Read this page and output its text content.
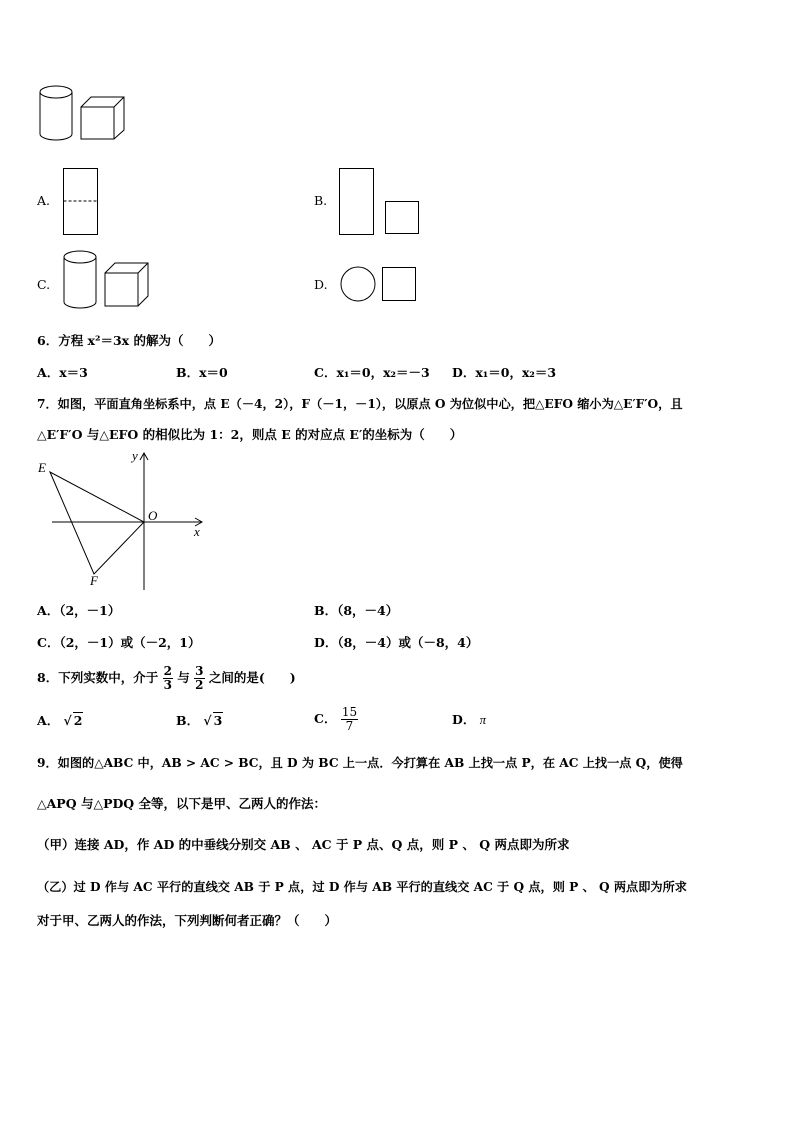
A.	B.
C.	D.
6．方程 x²＝3x 的解为（　　）
A．x＝3	B．x＝0	C．x₁＝0，x₂＝－3 D．x₁＝0，x₂＝3
7．如图，平面直角坐标系中，点 E（－4，2），F（－1，－1），以原点 O 为位似中心，把△EFO 缩小为△E′F′O，且
△E′F′O 与△EFO 的相似比为 1：2，则点 E 的对应点 E′的坐标为（　　）
E
F
O
x
y
A．（2，－1）	B．（8，－4）
C．（2，－1）或（－2，1）	D．（8，－4）或（－8，4）
8．下列实数中，介于 $\frac{2}{3}$ 与 $\frac{3}{2}$ 之间的是(　　)
A． √ 2	B． √ 3	C． $\frac{15}{7}$	D． π
9．如图的△ABC 中，AB > AC > BC，且 D 为 BC 上一点．今打算在 AB 上找一点 P，在 AC 上找一点 Q，使得
△APQ 与△PDQ 全等，以下是甲、乙两人的作法：
（甲）连接 AD，作 AD 的中垂线分别交 AB 、 AC 于 P 点、Q 点，则 P 、 Q 两点即为所求
（乙）过 D 作与 AC 平行的直线交 AB 于 P 点，过 D 作与 AB 平行的直线交 AC 于 Q 点，则 P 、 Q 两点即为所求
对于甲、乙两人的作法，下列判断何者正确？（　　）
